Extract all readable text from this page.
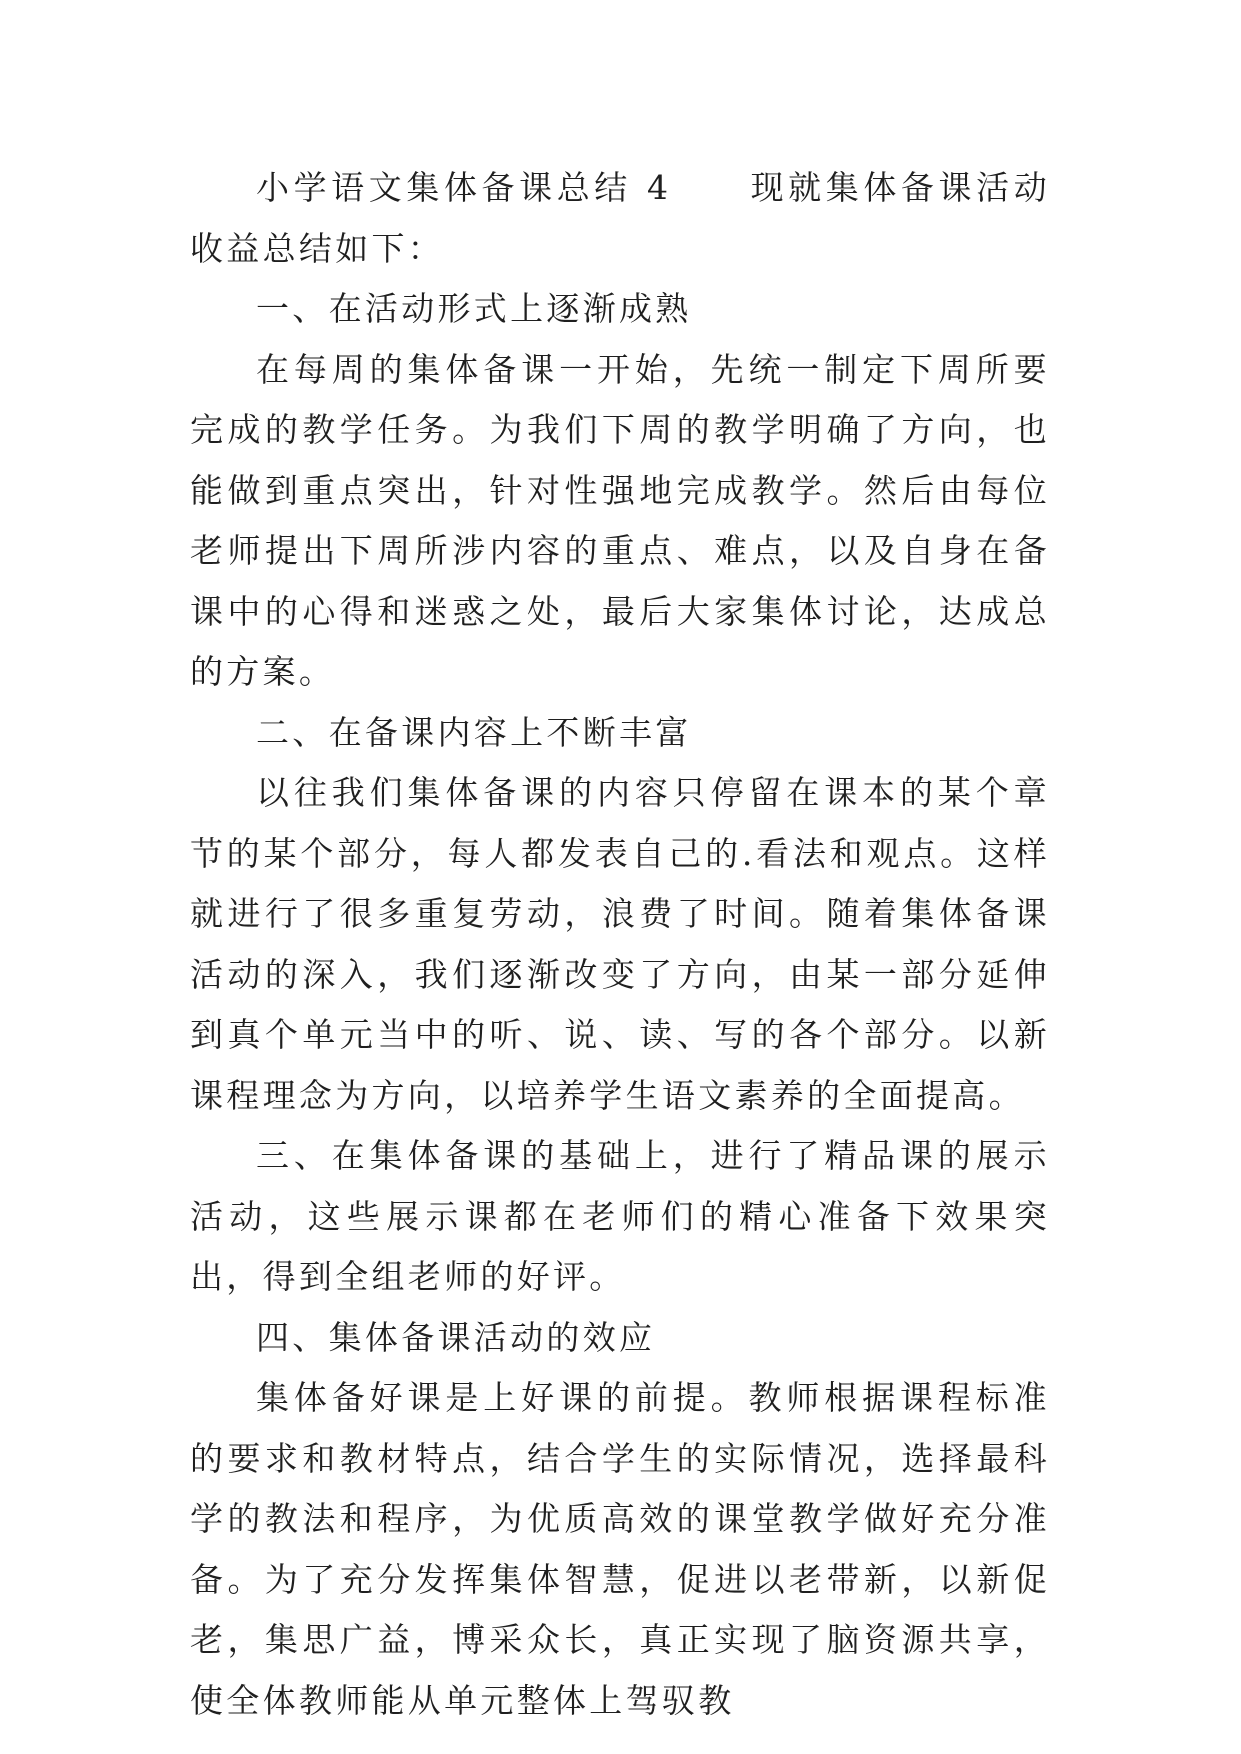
小学语文集体备课总结 4 现就集体备课活动收益总结如下：

一、在活动形式上逐渐成熟

在每周的集体备课一开始，先统一制定下周所要完成的教学任务。为我们下周的教学明确了方向，也能做到重点突出，针对性强地完成教学。然后由每位老师提出下周所涉内容的重点、难点，以及自身在备课中的心得和迷惑之处，最后大家集体讨论，达成总的方案。

二、在备课内容上不断丰富

以往我们集体备课的内容只停留在课本的某个章节的某个部分，每人都发表自己的.看法和观点。这样就进行了很多重复劳动，浪费了时间。随着集体备课活动的深入，我们逐渐改变了方向，由某一部分延伸到真个单元当中的听、说、读、写的各个部分。以新课程理念为方向，以培养学生语文素养的全面提高。

三、在集体备课的基础上，进行了精品课的展示活动，这些展示课都在老师们的精心准备下效果突出，得到全组老师的好评。

四、集体备课活动的效应

集体备好课是上好课的前提。教师根据课程标准的要求和教材特点，结合学生的实际情况，选择最科学的教法和程序，为优质高效的课堂教学做好充分准备。为了充分发挥集体智慧，促进以老带新，以新促老，集思广益，博采众长，真正实现了脑资源共享，使全体教师能从单元整体上驾驭教
